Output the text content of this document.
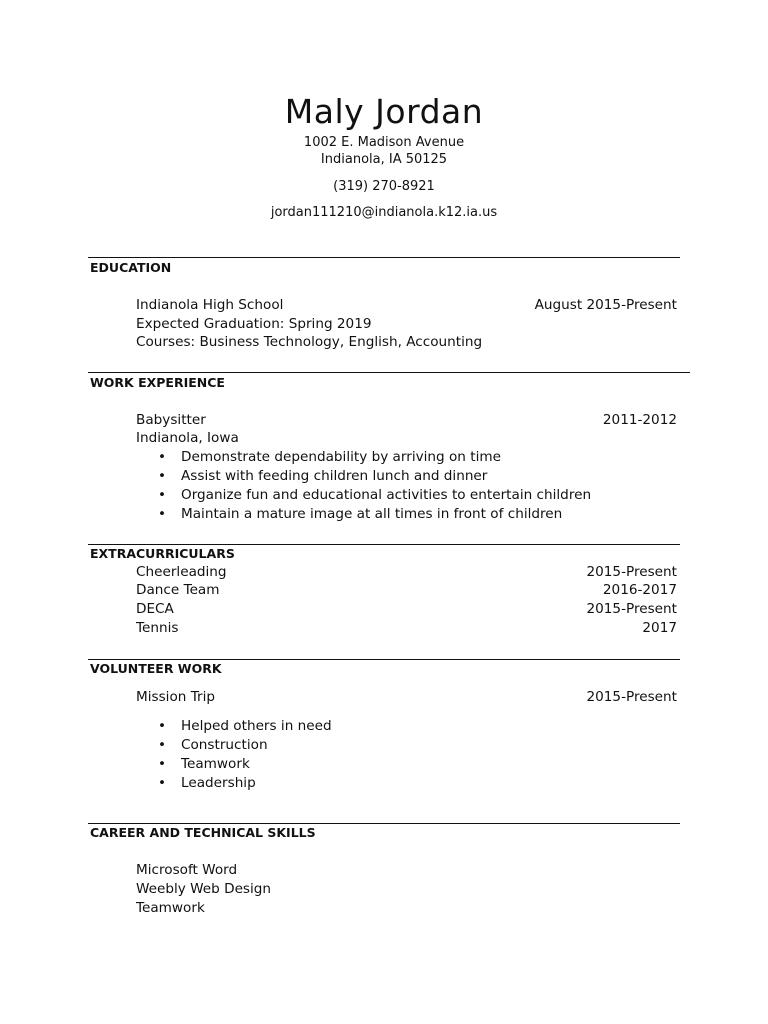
Maly Jordan
1002 E. Madison Avenue
Indianola, IA 50125
(319) 270-8921
jordan111210@indianola.k12.ia.us
EDUCATION
Indianola High School	August 2015-Present
Expected Graduation: Spring 2019
Courses: Business Technology, English, Accounting
WORK EXPERIENCE
Babysitter	2011-2012
Indianola, Iowa
• Demonstrate dependability by arriving on time
• Assist with feeding children lunch and dinner
• Organize fun and educational activities to entertain children
• Maintain a mature image at all times in front of children
EXTRACURRICULARS
Cheerleading	2015-Present
Dance Team	2016-2017
DECA	2015-Present
Tennis	2017
VOLUNTEER WORK
Mission Trip	2015-Present
• Helped others in need
• Construction
• Teamwork
• Leadership
CAREER AND TECHNICAL SKILLS
Microsoft Word
Weebly Web Design
Teamwork
